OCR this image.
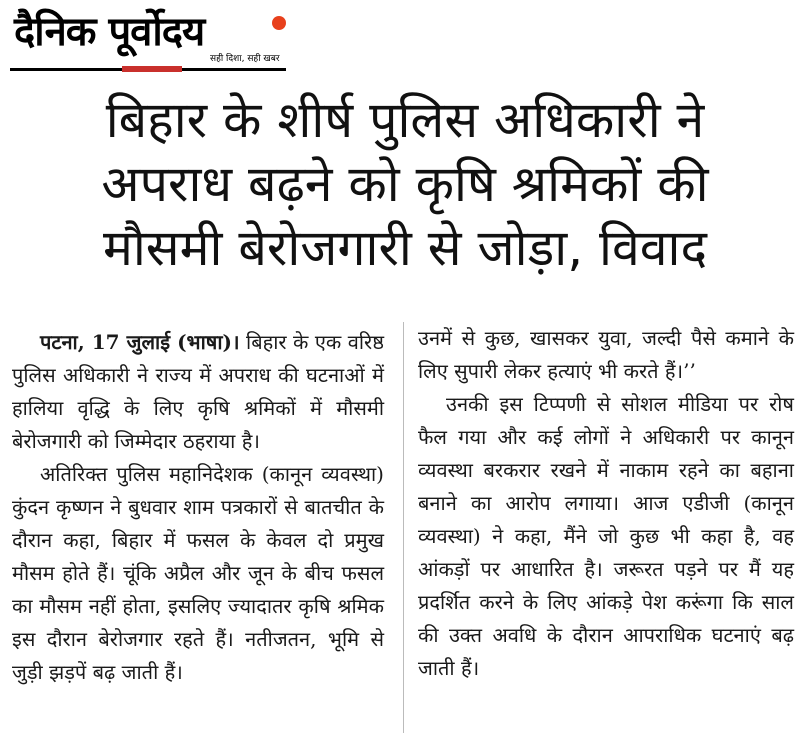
दैनिक पूर्वोदय
सही दिशा, सही खबर
बिहार के शीर्ष पुलिस अधिकारी ने
अपराध बढ़ने को कृषि श्रमिकों की
मौसमी बेरोजगारी से जोड़ा, विवाद

पटना, 17 जुलाई (भाषा)। बिहार के एक वरिष्ठ पुलिस अधिकारी ने राज्य में अपराध की घटनाओं में हालिया वृद्धि के लिए कृषि श्रमिकों में मौसमी बेरोजगारी को जिम्मेदार ठहराया है।

अतिरिक्त पुलिस महानिदेशक (कानून व्यवस्था) कुंदन कृष्णन ने बुधवार शाम पत्रकारों से बातचीत के दौरान कहा, बिहार में फसल के केवल दो प्रमुख मौसम होते हैं। चूंकि अप्रैल और जून के बीच फसल का मौसम नहीं होता, इसलिए ज्यादातर कृषि श्रमिक इस दौरान बेरोजगार रहते हैं। नतीजतन, भूमि से जुड़ी झड़पें बढ़ जाती हैं।

उनमें से कुछ, खासकर युवा, जल्दी पैसे कमाने के लिए सुपारी लेकर हत्याएं भी करते हैं।’’

उनकी इस टिप्पणी से सोशल मीडिया पर रोष फैल गया और कई लोगों ने अधिकारी पर कानून व्यवस्था बरकरार रखने में नाकाम रहने का बहाना बनाने का आरोप लगाया। आज एडीजी (कानून व्यवस्था) ने कहा, मैंने जो कुछ भी कहा है, वह आंकड़ों पर आधारित है। जरूरत पड़ने पर मैं यह प्रदर्शित करने के लिए आंकड़े पेश करूंगा कि साल की उक्त अवधि के दौरान आपराधिक घटनाएं बढ़ जाती हैं।
